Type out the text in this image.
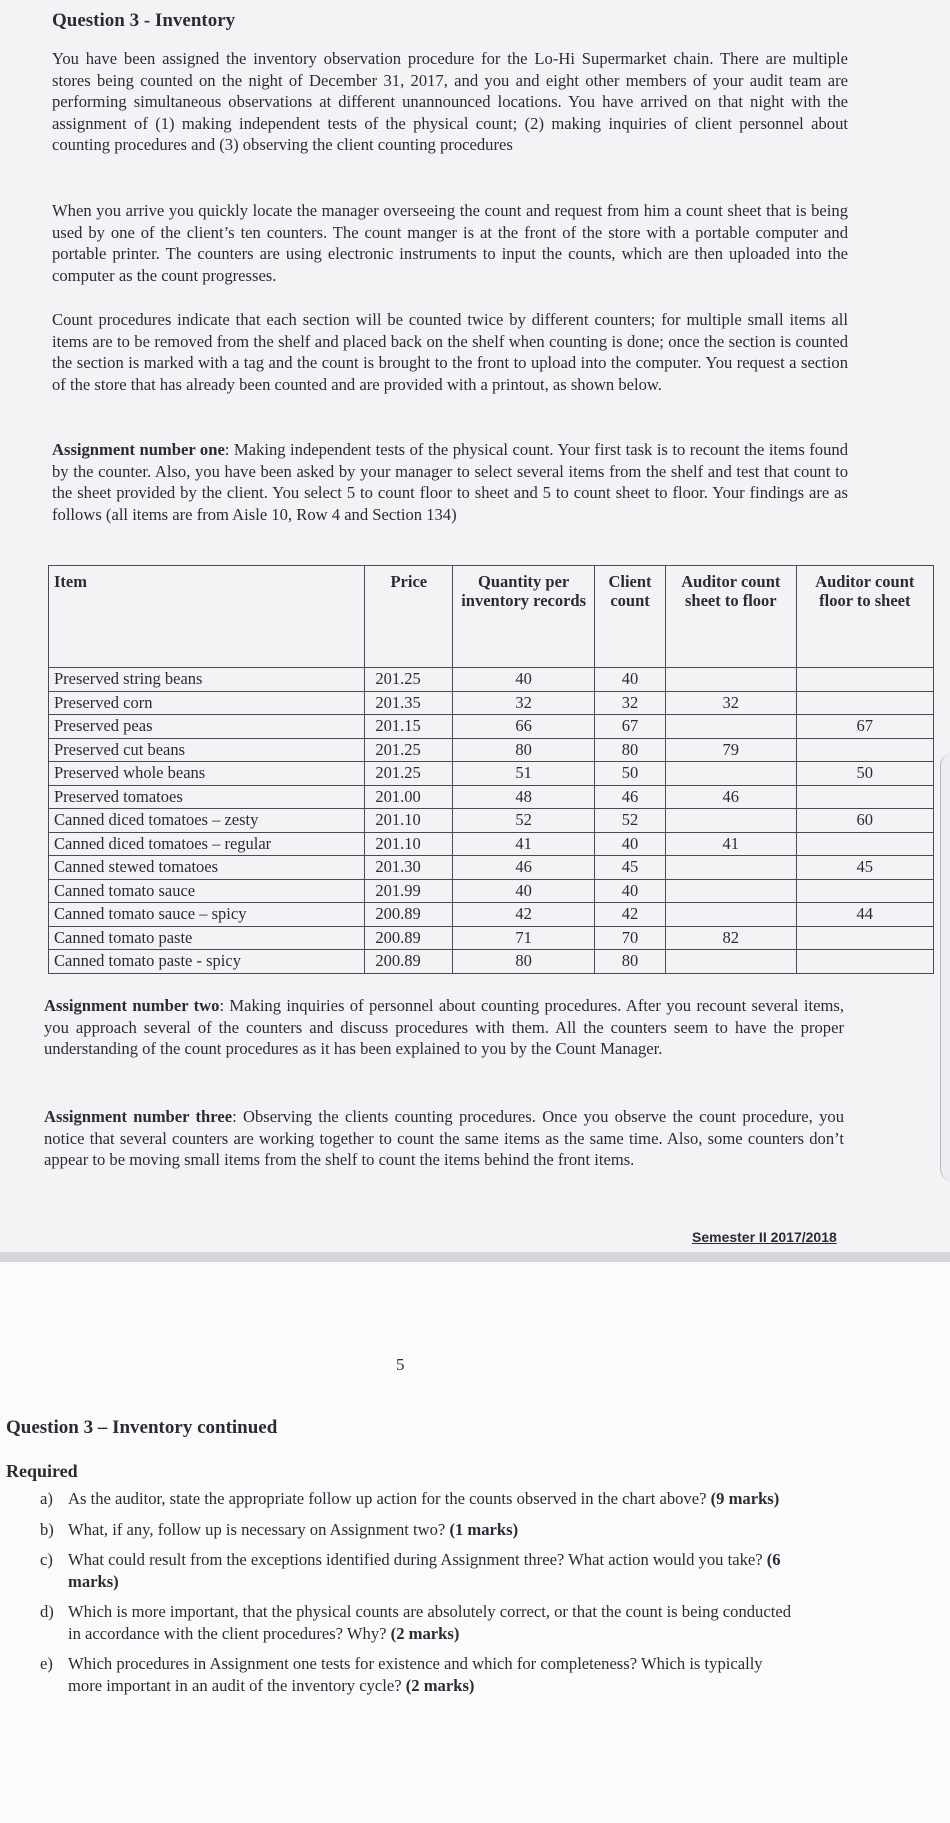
Question 3 - Inventory

You have been assigned the inventory observation procedure for the Lo-Hi Supermarket chain. There are multiple stores being counted on the night of December 31, 2017, and you and eight other members of your audit team are performing simultaneous observations at different unannounced locations. You have arrived on that night with the assignment of (1) making independent tests of the physical count; (2) making inquiries of client personnel about counting procedures and (3) observing the client counting procedures

When you arrive you quickly locate the manager overseeing the count and request from him a count sheet that is being used by one of the client’s ten counters. The count manger is at the front of the store with a portable computer and portable printer. The counters are using electronic instruments to input the counts, which are then uploaded into the computer as the count progresses.

Count procedures indicate that each section will be counted twice by different counters; for multiple small items all items are to be removed from the shelf and placed back on the shelf when counting is done; once the section is counted the section is marked with a tag and the count is brought to the front to upload into the computer. You request a section of the store that has already been counted and are provided with a printout, as shown below.

Assignment number one: Making independent tests of the physical count. Your first task is to recount the items found by the counter. Also, you have been asked by your manager to select several items from the shelf and test that count to the sheet provided by the client. You select 5 to count floor to sheet and 5 to count sheet to floor. Your findings are as follows (all items are from Aisle 10, Row 4 and Section 134)

Item	Price	Quantity per inventory records	Client count	Auditor count sheet to floor	Auditor count floor to sheet
Preserved string beans	201.25	40	40		
Preserved corn	201.35	32	32	32	
Preserved peas	201.15	66	67		67
Preserved cut beans	201.25	80	80	79	
Preserved whole beans	201.25	51	50		50
Preserved tomatoes	201.00	48	46	46	
Canned diced tomatoes – zesty	201.10	52	52		60
Canned diced tomatoes – regular	201.10	41	40	41	
Canned stewed tomatoes	201.30	46	45		45
Canned tomato sauce	201.99	40	40		
Canned tomato sauce – spicy	200.89	42	42		44
Canned tomato paste	200.89	71	70	82	
Canned tomato paste - spicy	200.89	80	80		

Assignment number two: Making inquiries of personnel about counting procedures. After you recount several items, you approach several of the counters and discuss procedures with them. All the counters seem to have the proper understanding of the count procedures as it has been explained to you by the Count Manager.

Assignment number three: Observing the clients counting procedures. Once you observe the count procedure, you notice that several counters are working together to count the same items as the same time. Also, some counters don’t appear to be moving small items from the shelf to count the items behind the front items.

Semester II 2017/2018
5
Question 3 – Inventory continued
Required
a) As the auditor, state the appropriate follow up action for the counts observed in the chart above? (9 marks)
b) What, if any, follow up is necessary on Assignment two? (1 marks)
c) What could result from the exceptions identified during Assignment three? What action would you take? (6 marks)
d) Which is more important, that the physical counts are absolutely correct, or that the count is being conducted in accordance with the client procedures? Why? (2 marks)
e) Which procedures in Assignment one tests for existence and which for completeness? Which is typically more important in an audit of the inventory cycle? (2 marks)
